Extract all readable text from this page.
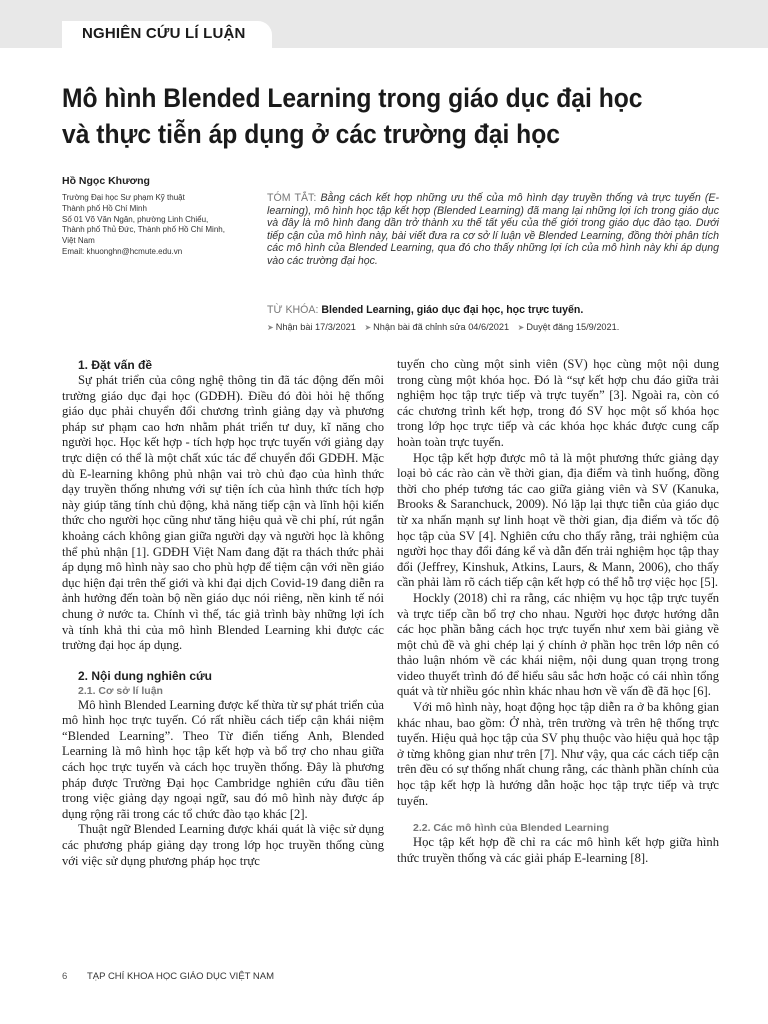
NGHIÊN CỨU LÍ LUẬN
Mô hình Blended Learning trong giáo dục đại học
và thực tiễn áp dụng ở các trường đại học
Hồ Ngọc Khương
Trường Đại học Sư phạm Kỹ thuật
Thành phố Hồ Chí Minh
Số 01 Võ Văn Ngân, phường Linh Chiểu,
Thành phố Thủ Đức, Thành phố Hồ Chí Minh,
Việt Nam
Email: khuonghn@hcmute.edu.vn
TÓM TẮT: Bằng cách kết hợp những ưu thế của mô hình dạy truyền thống và trực tuyến (E-learning), mô hình học tập kết hợp (Blended Learning) đã mang lại những lợi ích trong giáo dục và đây là mô hình đang dần trở thành xu thế tất yếu của thế giới trong giáo dục đào tạo. Dưới tiếp cận của mô hình này, bài viết đưa ra cơ sở lí luận về Blended Learning, đồng thời phân tích các mô hình của Blended Learning, qua đó cho thấy những lợi ích của mô hình này khi áp dụng vào các trường đại học.
TỪ KHÓA: Blended Learning, giáo dục đại học, học trực tuyến.
➤ Nhận bài 17/3/2021 ➤ Nhận bài đã chỉnh sửa 04/6/2021 ➤ Duyệt đăng 15/9/2021.
1. Đặt vấn đề

Sự phát triển của công nghệ thông tin đã tác động đến môi trường giáo dục đại học (GDĐH). Điều đó đòi hỏi hệ thống giáo dục phải chuyển đổi chương trình giảng dạy và phương pháp sư phạm cao hơn nhằm phát triển tư duy, kĩ năng cho người học. Học kết hợp - tích hợp học trực tuyến với giảng dạy trực diện có thể là một chất xúc tác để chuyển đổi GDĐH. Mặc dù E-learning không phủ nhận vai trò chủ đạo của hình thức dạy truyền thống nhưng với sự tiện ích của hình thức tích hợp này giúp tăng tính chủ động, khả năng tiếp cận và lĩnh hội kiến thức cho người học cũng như tăng hiệu quả về chi phí, rút ngắn khoảng cách không gian giữa người dạy và người học là không thể phủ nhận [1]. GDĐH Việt Nam đang đặt ra thách thức phải áp dụng mô hình này sao cho phù hợp để tiệm cận với nền giáo dục hiện đại trên thế giới và khi đại dịch Covid-19 đang diễn ra ảnh hưởng đến toàn bộ nền giáo dục nói riêng, nền kinh tế nói chung ở nước ta. Chính vì thế, tác giả trình bày những lợi ích và tính khả thi của mô hình Blended Learning khi được các trường đại học áp dụng.

2. Nội dung nghiên cứu
2.1. Cơ sở lí luận

Mô hình Blended Learning được kế thừa từ sự phát triển của mô hình học trực tuyến. Có rất nhiều cách tiếp cận khái niệm “Blended Learning”. Theo Từ điển tiếng Anh, Blended Learning là mô hình học tập kết hợp và bổ trợ cho nhau giữa cách học trực tuyến và cách học truyền thống. Đây là phương pháp được Trường Đại học Cambridge nghiên cứu đầu tiên trong việc giảng dạy ngoại ngữ, sau đó mô hình này được áp dụng rộng rãi trong các tổ chức đào tạo khác [2].

Thuật ngữ Blended Learning được khái quát là việc sử dụng các phương pháp giảng dạy trong lớp học truyền thống cùng với việc sử dụng phương pháp học trực

tuyến cho cùng một sinh viên (SV) học cùng một nội dung trong cùng một khóa học. Đó là “sự kết hợp chu đáo giữa trải nghiệm học tập trực tiếp và trực tuyến” [3]. Ngoài ra, còn có các chương trình kết hợp, trong đó SV học một số khóa học trong lớp học trực tiếp và các khóa học khác được cung cấp hoàn toàn trực tuyến.

Học tập kết hợp được mô tả là một phương thức giảng dạy loại bỏ các rào cản về thời gian, địa điểm và tình huống, đồng thời cho phép tương tác cao giữa giảng viên và SV (Kanuka, Brooks & Saranchuck, 2009). Nó lặp lại thực tiễn của giáo dục từ xa nhấn mạnh sự linh hoạt về thời gian, địa điểm và tốc độ học tập của SV [4]. Nghiên cứu cho thấy rằng, trải nghiệm của người học thay đổi đáng kể và dẫn đến trải nghiệm học tập thay đổi (Jeffrey, Kinshuk, Atkins, Laurs, & Mann, 2006), cho thấy cần phải làm rõ cách tiếp cận kết hợp có thể hỗ trợ việc học [5].

Hockly (2018) chỉ ra rằng, các nhiệm vụ học tập trực tuyến và trực tiếp cần bổ trợ cho nhau. Người học được hướng dẫn các học phần bằng cách học trực tuyến như xem bài giảng về một chủ đề và ghi chép lại ý chính ở phần học trên lớp nên có thảo luận nhóm về các khái niệm, nội dung quan trọng trong video thuyết trình đó để hiểu sâu sắc hơn hoặc có cái nhìn tổng quát và từ nhiều góc nhìn khác nhau hơn về vấn đề đã học [6].

Với mô hình này, hoạt động học tập diễn ra ở ba không gian khác nhau, bao gồm: Ở nhà, trên trường và trên hệ thống trực tuyến. Hiệu quả học tập của SV phụ thuộc vào hiệu quả học tập ở từng không gian như trên [7]. Như vậy, qua các cách tiếp cận trên đều có sự thống nhất chung rằng, các thành phần chính của học tập kết hợp là hướng dẫn hoặc học tập trực tiếp và trực tuyến.

2.2. Các mô hình của Blended Learning

Học tập kết hợp đề chỉ ra các mô hình kết hợp giữa hình thức truyền thống và các giải pháp E-learning [8].

6 TẠP CHÍ KHOA HỌC GIÁO DỤC VIỆT NAM
